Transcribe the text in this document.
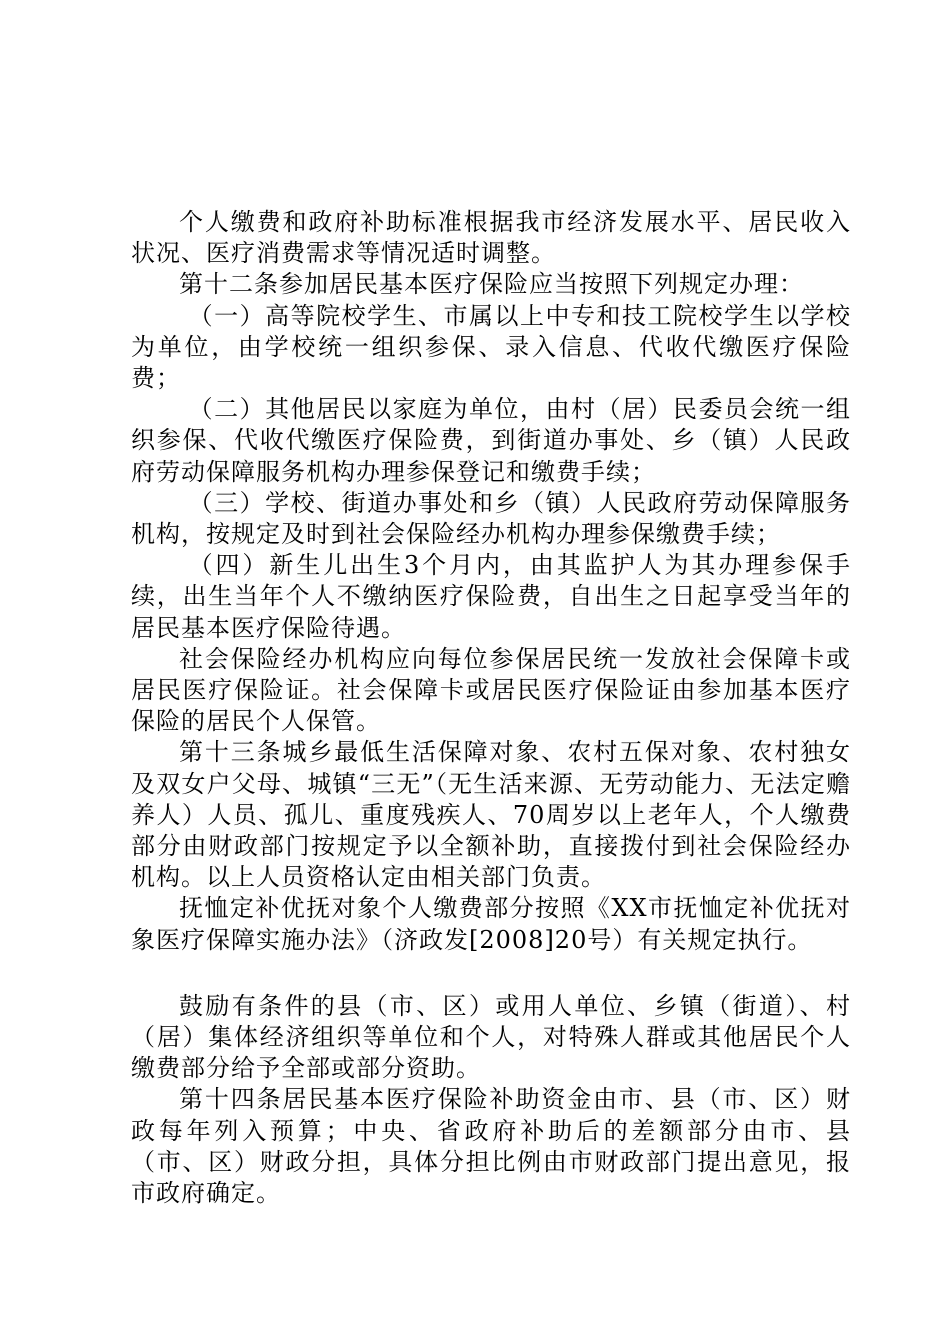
个人缴费和政府补助标准根据我市经济发展水平、居民收入状况、医疗消费需求等情况适时调整。

第十二条参加居民基本医疗保险应当按照下列规定办理：

（一）高等院校学生、市属以上中专和技工院校学生以学校为单位，由学校统一组织参保、录入信息、代收代缴医疗保险费；

（二）其他居民以家庭为单位，由村（居）民委员会统一组织参保、代收代缴医疗保险费，到街道办事处、乡（镇）人民政府劳动保障服务机构办理参保登记和缴费手续；

（三）学校、街道办事处和乡（镇）人民政府劳动保障服务机构，按规定及时到社会保险经办机构办理参保缴费手续；

（四）新生儿出生3个月内，由其监护人为其办理参保手续，出生当年个人不缴纳医疗保险费，自出生之日起享受当年的居民基本医疗保险待遇。

社会保险经办机构应向每位参保居民统一发放社会保障卡或居民医疗保险证。社会保障卡或居民医疗保险证由参加基本医疗保险的居民个人保管。

第十三条城乡最低生活保障对象、农村五保对象、农村独女及双女户父母、城镇“三无”（无生活来源、无劳动能力、无法定赡养人）人员、孤儿、重度残疾人、70周岁以上老年人，个人缴费部分由财政部门按规定予以全额补助，直接拨付到社会保险经办机构。以上人员资格认定由相关部门负责。

抚恤定补优抚对象个人缴费部分按照《XX市抚恤定补优抚对象医疗保障实施办法》（济政发[2008]20号）有关规定执行。

鼓励有条件的县（市、区）或用人单位、乡镇（街道）、村（居）集体经济组织等单位和个人，对特殊人群或其他居民个人缴费部分给予全部或部分资助。

第十四条居民基本医疗保险补助资金由市、县（市、区）财政每年列入预算；中央、省政府补助后的差额部分由市、县（市、区）财政分担，具体分担比例由市财政部门提出意见，报市政府确定。
